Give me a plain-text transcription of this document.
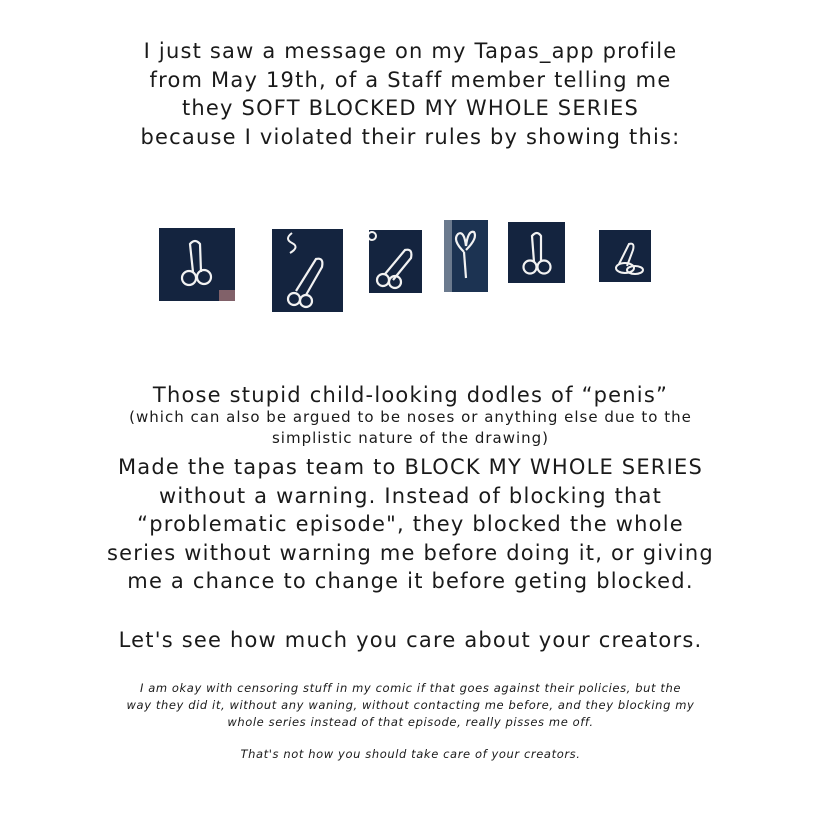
I just saw a message on my Tapas_app profile
from May 19th, of a Staff member telling me
they SOFT BLOCKED MY WHOLE SERIES
because I violated their rules by showing this:
Those stupid child-looking dodles of “penis”
(which can also be argued to be noses or anything else due to the
simplistic nature of the drawing)
Made the tapas team to BLOCK MY WHOLE SERIES
without a warning. Instead of blocking that
“problematic episode", they blocked the whole
series without warning me before doing it, or giving
me a chance to change it before geting blocked.
Let's see how much you care about your creators.
I am okay with censoring stuff in my comic if that goes against their policies, but the
way they did it, without any waning, without contacting me before, and they blocking my
whole series instead of that episode, really pisses me off.
That's not how you should take care of your creators.
